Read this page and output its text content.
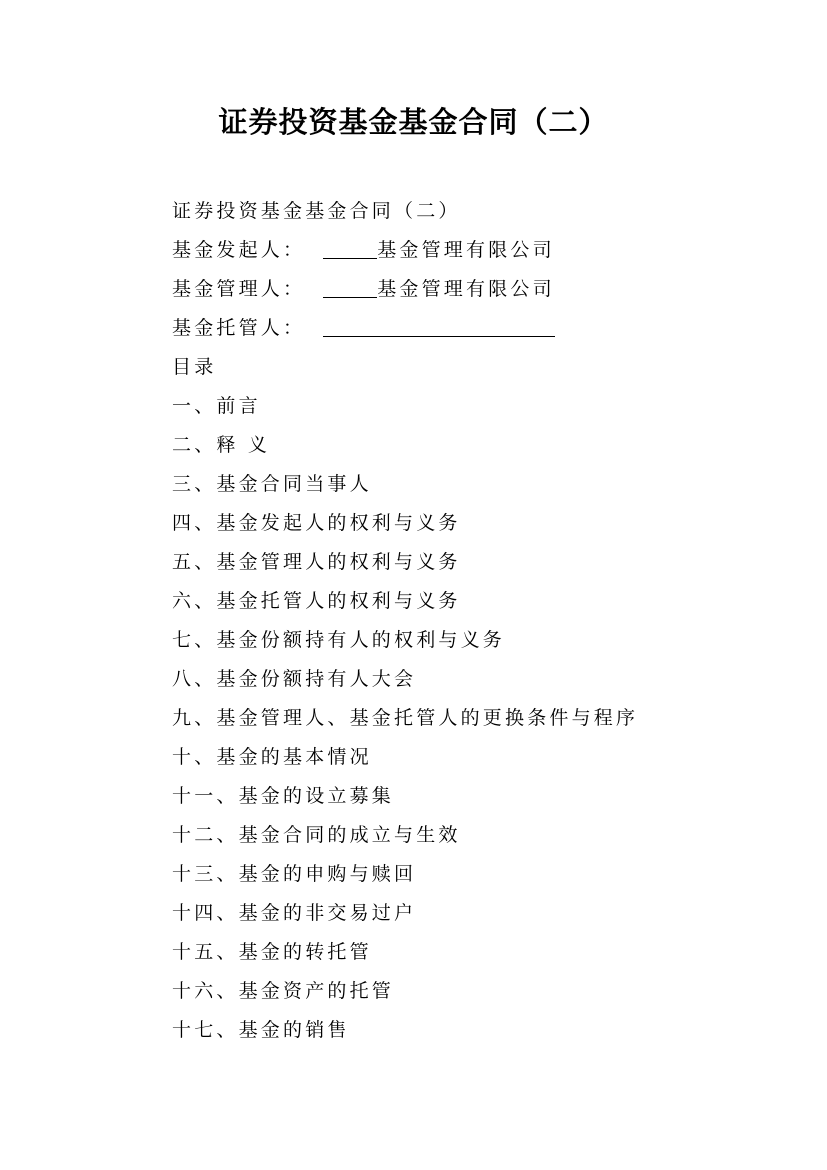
证券投资基金基金合同（二）
证券投资基金基金合同（二）
基金发起人：	基金管理有限公司
基金管理人：	基金管理有限公司
基金托管人：
目录
一、前言
二、释 义
三、基金合同当事人
四、基金发起人的权利与义务
五、基金管理人的权利与义务
六、基金托管人的权利与义务
七、基金份额持有人的权利与义务
八、基金份额持有人大会
九、基金管理人、基金托管人的更换条件与程序
十、基金的基本情况
十一、基金的设立募集
十二、基金合同的成立与生效
十三、基金的申购与赎回
十四、基金的非交易过户
十五、基金的转托管
十六、基金资产的托管
十七、基金的销售
